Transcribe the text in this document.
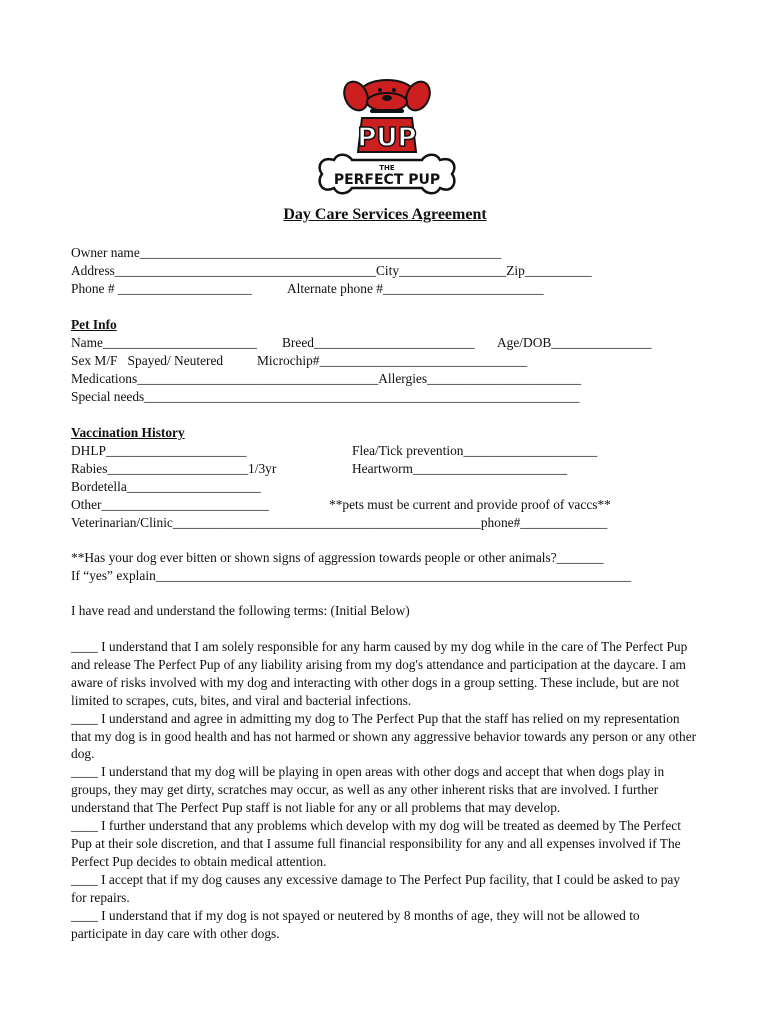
PUP
THE
PERFECT PUP
Day Care Services Agreement
Owner name______________________________________________________
Address_______________________________________City________________Zip__________
Phone # ____________________	Alternate phone #________________________
Pet Info
Name_______________________ Breed________________________ Age/DOB_______________
Sex M/F   Spayed/ Neutered	Microchip#_______________________________
Medications____________________________________Allergies_______________________
Special needs_________________________________________________________________
Vaccination History
DHLP_____________________	Flea/Tick prevention____________________
Rabies_____________________1/3yr	Heartworm_______________________
Bordetella____________________
Other_________________________	**pets must be current and provide proof of vaccs**
Veterinarian/Clinic______________________________________________phone#_____________
**Has your dog ever bitten or shown signs of aggression towards people or other animals?_______
If “yes” explain_______________________________________________________________________
I have read and understand the following terms: (Initial Below)

____ I understand that I am solely responsible for any harm caused by my dog while in the care of The Perfect Pup and release The Perfect Pup of any liability arising from my dog's attendance and participation at the daycare. I am aware of risks involved with my dog and interacting with other dogs in a group setting. These include, but are not limited to scrapes, cuts, bites, and viral and bacterial infections.

____ I understand and agree in admitting my dog to The Perfect Pup that the staff has relied on my representation that my dog is in good health and has not harmed or shown any aggressive behavior towards any person or any other dog.

____ I understand that my dog will be playing in open areas with other dogs and accept that when dogs play in groups, they may get dirty, scratches may occur, as well as any other inherent risks that are involved. I further understand that The Perfect Pup staff is not liable for any or all problems that may develop.

____ I further understand that any problems which develop with my dog will be treated as deemed by The Perfect Pup at their sole discretion, and that I assume full financial responsibility for any and all expenses involved if The Perfect Pup decides to obtain medical attention.

____ I accept that if my dog causes any excessive damage to The Perfect Pup facility, that I could be asked to pay for repairs.

____ I understand that if my dog is not spayed or neutered by 8 months of age, they will not be allowed to participate in day care with other dogs.
